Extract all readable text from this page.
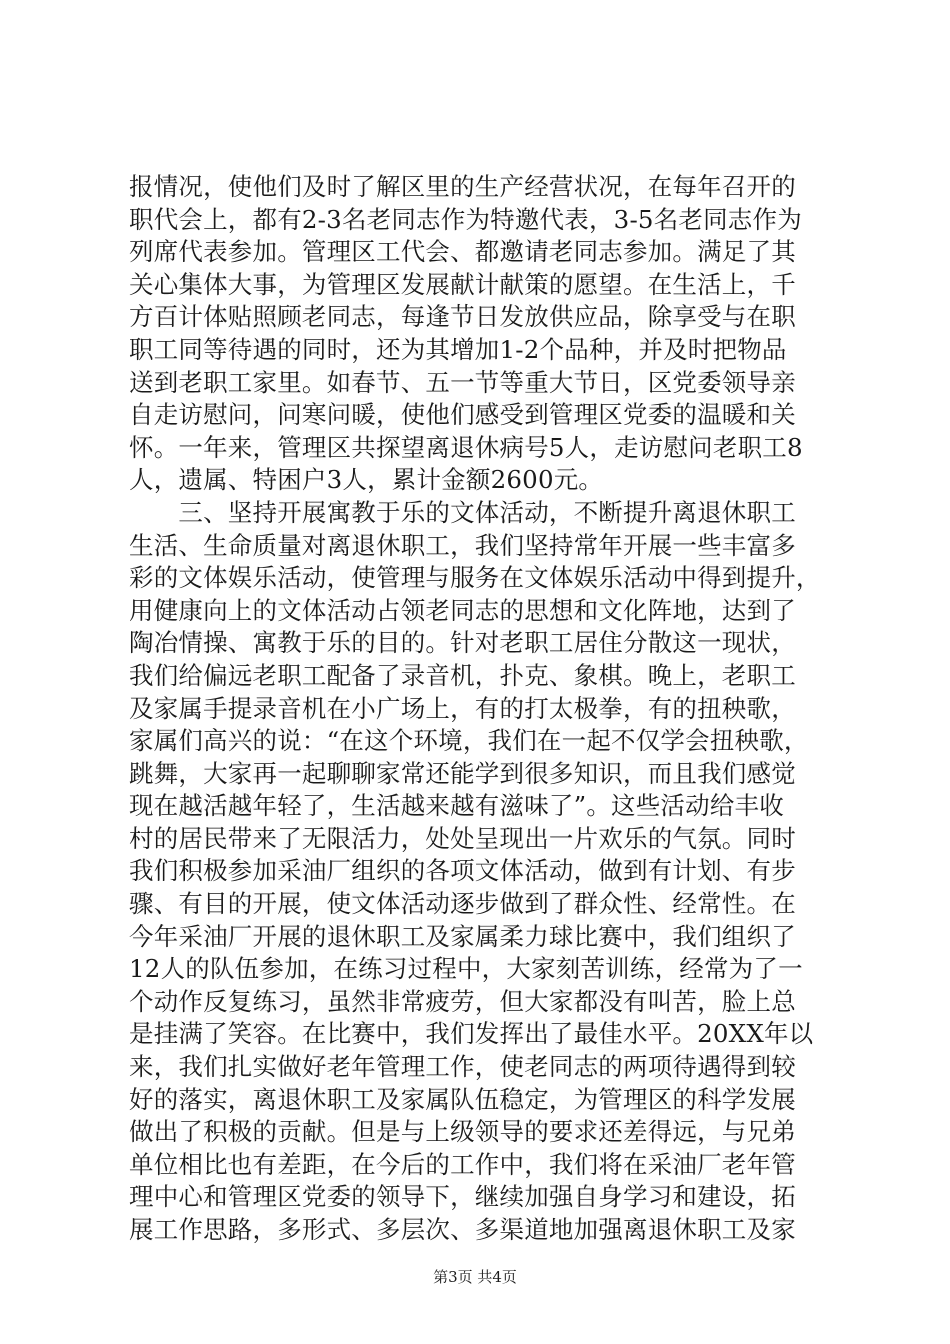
报情况，使他们及时了解区里的生产经营状况，在每年召开的
职代会上，都有2-3名老同志作为特邀代表，3-5名老同志作为
列席代表参加。管理区工代会、都邀请老同志参加。满足了其
关心集体大事，为管理区发展献计献策的愿望。在生活上，千
方百计体贴照顾老同志，每逢节日发放供应品，除享受与在职
职工同等待遇的同时，还为其增加1-2个品种，并及时把物品
送到老职工家里。如春节、五一节等重大节日，区党委领导亲
自走访慰问，问寒问暖，使他们感受到管理区党委的温暖和关
怀。一年来，管理区共探望离退休病号5人，走访慰问老职工8
人，遗属、特困户3人，累计金额2600元。
　　三、坚持开展寓教于乐的文体活动，不断提升离退休职工
生活、生命质量对离退休职工，我们坚持常年开展一些丰富多
彩的文体娱乐活动，使管理与服务在文体娱乐活动中得到提升，
用健康向上的文体活动占领老同志的思想和文化阵地，达到了
陶冶情操、寓教于乐的目的。针对老职工居住分散这一现状，
我们给偏远老职工配备了录音机，扑克、象棋。晚上，老职工
及家属手提录音机在小广场上，有的打太极拳，有的扭秧歌，
家属们高兴的说：“在这个环境，我们在一起不仅学会扭秧歌，
跳舞，大家再一起聊聊家常还能学到很多知识，而且我们感觉
现在越活越年轻了，生活越来越有滋味了”。这些活动给丰收
村的居民带来了无限活力，处处呈现出一片欢乐的气氛。同时
我们积极参加采油厂组织的各项文体活动，做到有计划、有步
骤、有目的开展，使文体活动逐步做到了群众性、经常性。在
今年采油厂开展的退休职工及家属柔力球比赛中，我们组织了
12人的队伍参加，在练习过程中，大家刻苦训练，经常为了一
个动作反复练习，虽然非常疲劳，但大家都没有叫苦，脸上总
是挂满了笑容。在比赛中，我们发挥出了最佳水平。20XX年以
来，我们扎实做好老年管理工作，使老同志的两项待遇得到较
好的落实，离退休职工及家属队伍稳定，为管理区的科学发展
做出了积极的贡献。但是与上级领导的要求还差得远，与兄弟
单位相比也有差距，在今后的工作中，我们将在采油厂老年管
理中心和管理区党委的领导下，继续加强自身学习和建设，拓
展工作思路，多形式、多层次、多渠道地加强离退休职工及家
第3页 共4页
